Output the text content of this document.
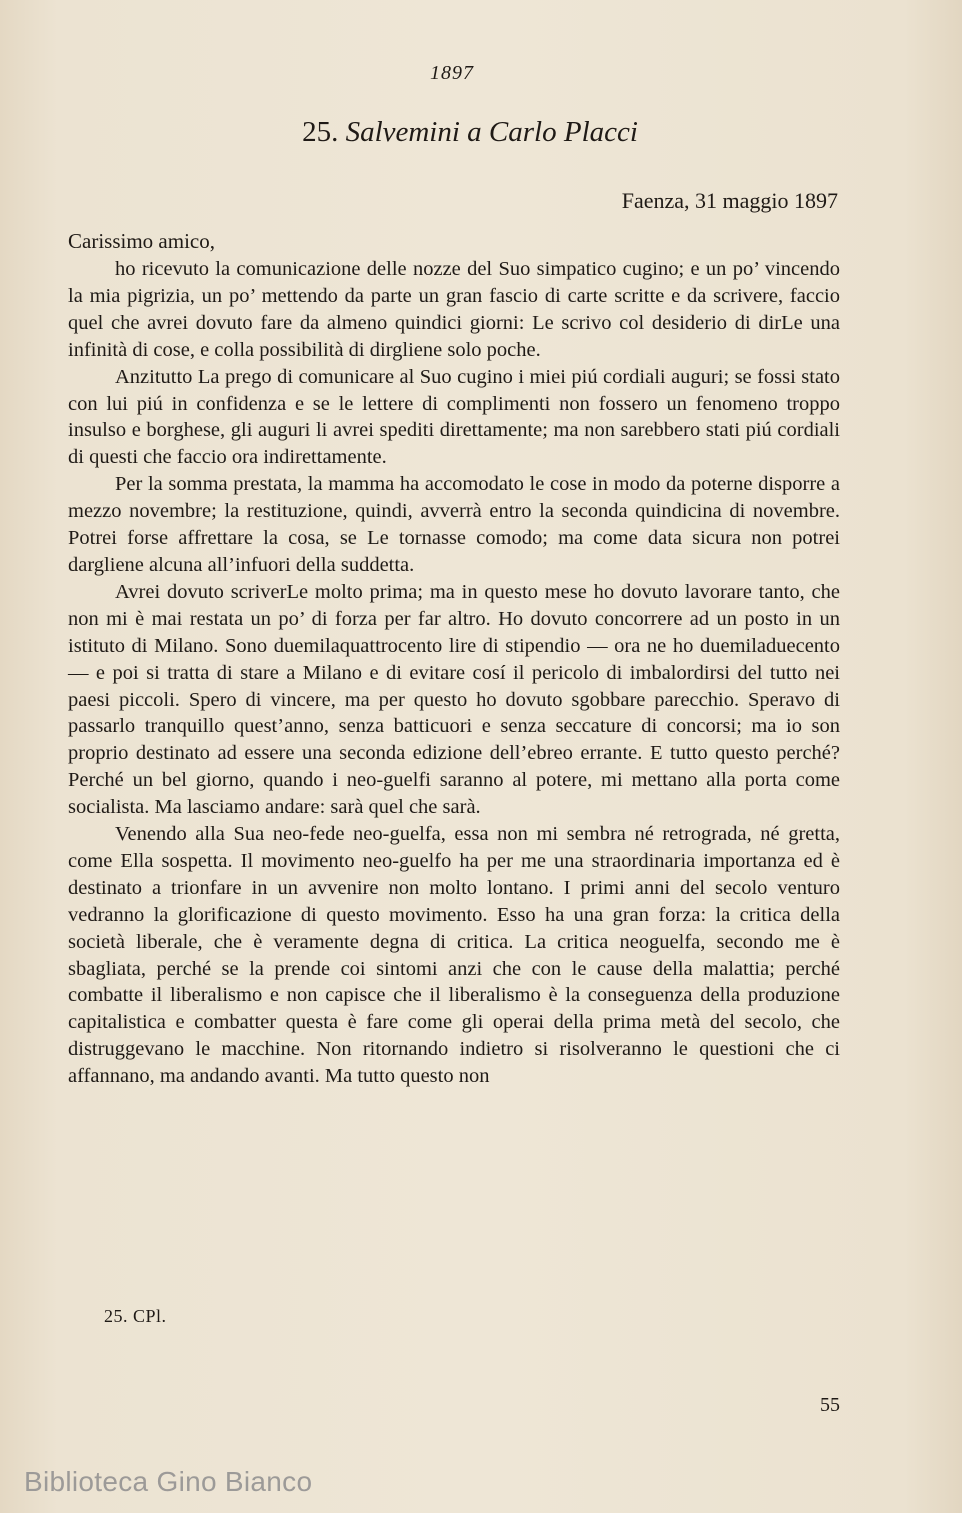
1897
25. Salvemini a Carlo Placci
Faenza, 31 maggio 1897
Carissimo amico,

ho ricevuto la comunicazione delle nozze del Suo simpatico cugino; e un po’ vincendo la mia pigrizia, un po’ mettendo da parte un gran fascio di carte scritte e da scrivere, faccio quel che avrei dovuto fare da almeno quindici giorni: Le scrivo col desiderio di dirLe una infinità di cose, e colla possibilità di dirgliene solo poche.

Anzitutto La prego di comunicare al Suo cugino i miei piú cordiali auguri; se fossi stato con lui piú in confidenza e se le lettere di complimenti non fossero un fenomeno troppo insulso e borghese, gli auguri li avrei spediti direttamente; ma non sarebbero stati piú cordiali di questi che faccio ora indirettamente.

Per la somma prestata, la mamma ha accomodato le cose in modo da poterne disporre a mezzo novembre; la restituzione, quindi, avverrà entro la seconda quindicina di novembre. Potrei forse affrettare la cosa, se Le tornasse comodo; ma come data sicura non potrei dargliene alcuna all’infuori della suddetta.

Avrei dovuto scriverLe molto prima; ma in questo mese ho dovuto lavorare tanto, che non mi è mai restata un po’ di forza per far altro. Ho dovuto concorrere ad un posto in un istituto di Milano. Sono duemilaquattrocento lire di stipendio — ora ne ho duemiladuecento — e poi si tratta di stare a Milano e di evitare cosí il pericolo di imbalordirsi del tutto nei paesi piccoli. Spero di vincere, ma per questo ho dovuto sgobbare parecchio. Speravo di passarlo tranquillo quest’anno, senza batticuori e senza seccature di concorsi; ma io son proprio destinato ad essere una seconda edizione dell’ebreo errante. E tutto questo perché? Perché un bel giorno, quando i neo-guelfi saranno al potere, mi mettano alla porta come socialista. Ma lasciamo andare: sarà quel che sarà.

Venendo alla Sua neo-fede neo-guelfa, essa non mi sembra né retrograda, né gretta, come Ella sospetta. Il movimento neo-guelfo ha per me una straordinaria importanza ed è destinato a trionfare in un avvenire non molto lontano. I primi anni del secolo venturo vedranno la glorificazione di questo movimento. Esso ha una gran forza: la critica della società liberale, che è veramente degna di critica. La critica neoguelfa, secondo me è sbagliata, perché se la prende coi sintomi anzi che con le cause della malattia; perché combatte il liberalismo e non capisce che il liberalismo è la conseguenza della produzione capitalistica e combatter questa è fare come gli operai della prima metà del secolo, che distruggevano le macchine. Non ritornando indietro si risolveranno le questioni che ci affannano, ma andando avanti. Ma tutto questo non

25. CPl.
55
Biblioteca Gino Bianco
